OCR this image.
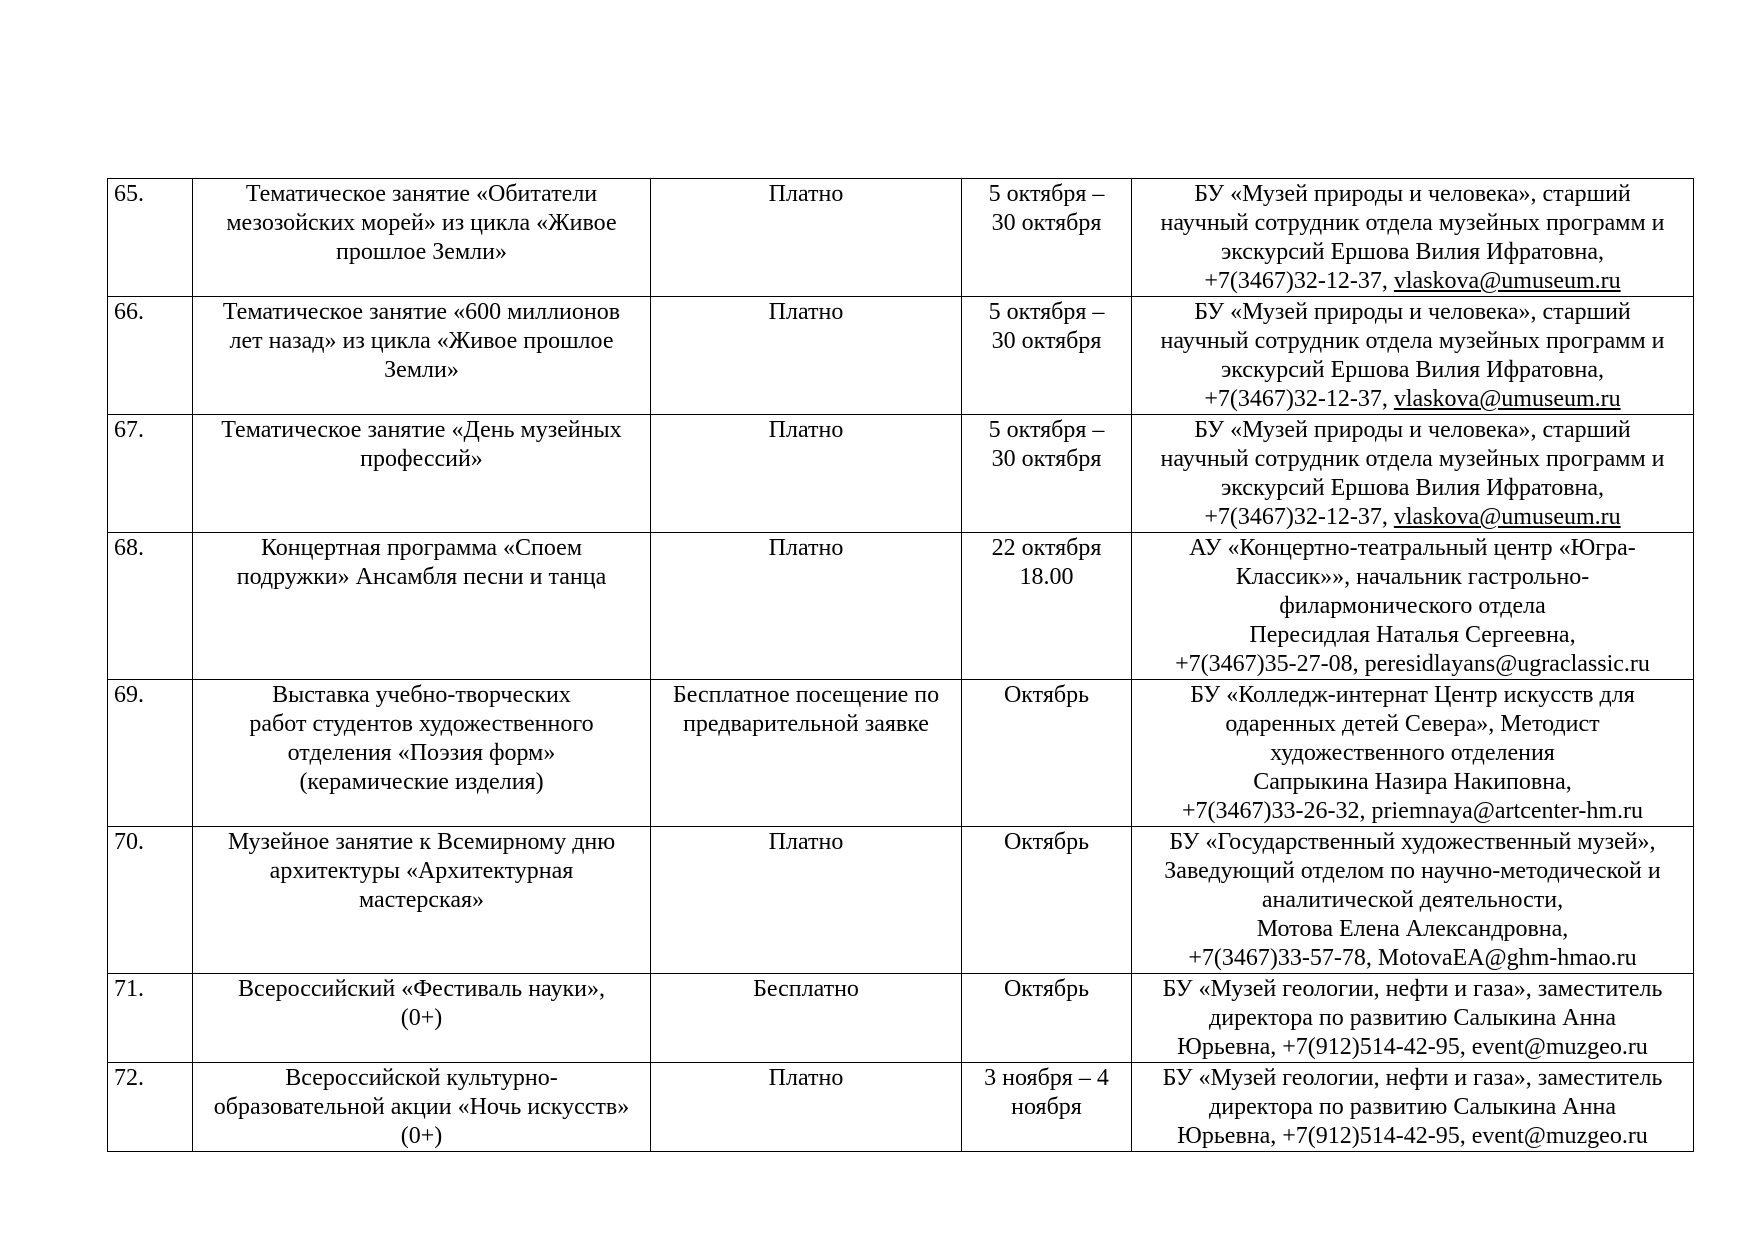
65.	Тематическое занятие «Обитатели
мезозойских морей» из цикла «Живое
прошлое Земли»	Платно	5 октября –
30 октября	БУ «Музей природы и человека», старший
научный сотрудник отдела музейных программ и
экскурсий Ершова Вилия Ифратовна,
+7(3467)32-12-37, vlaskova@umuseum.ru

66.	Тематическое занятие «600 миллионов
лет назад» из цикла «Живое прошлое
Земли»	Платно	5 октября –
30 октября	БУ «Музей природы и человека», старший
научный сотрудник отдела музейных программ и
экскурсий Ершова Вилия Ифратовна,
+7(3467)32-12-37, vlaskova@umuseum.ru

67.	Тематическое занятие «День музейных
профессий»	Платно	5 октября –
30 октября	БУ «Музей природы и человека», старший
научный сотрудник отдела музейных программ и
экскурсий Ершова Вилия Ифратовна,
+7(3467)32-12-37, vlaskova@umuseum.ru

68.	Концертная программа «Споем
подружки» Ансамбля песни и танца	Платно	22 октября
18.00	АУ «Концертно-театральный центр «Югра-
Классик»», начальник гастрольно-
филармонического отдела
Пересидлая Наталья Сергеевна,
+7(3467)35-27-08, peresidlayans@ugraclassic.ru

69.	Выставка учебно-творческих
работ студентов художественного
отделения «Поэзия форм»
(керамические изделия)	Бесплатное посещение по
предварительной заявке	Октябрь	БУ «Колледж-интернат Центр искусств для
одаренных детей Севера», Методист
художественного отделения
Сапрыкина Назира Накиповна,
+7(3467)33-26-32, priemnaya@artcenter-hm.ru

70.	Музейное занятие к Всемирному дню
архитектуры «Архитектурная
мастерская»	Платно	Октябрь	БУ «Государственный художественный музей»,
Заведующий отделом по научно-методической и
аналитической деятельности,
Мотова Елена Александровна,
+7(3467)33-57-78, MotovaEA@ghm-hmao.ru

71.	Всероссийский «Фестиваль науки»,
(0+)	Бесплатно	Октябрь	БУ «Музей геологии, нефти и газа», заместитель
директора по развитию Салыкина Анна
Юрьевна, +7(912)514-42-95, event@muzgeo.ru

72.	Всероссийской культурно-
образовательной акции «Ночь искусств»
(0+)	Платно	3 ноября – 4
ноября	БУ «Музей геологии, нефти и газа», заместитель
директора по развитию Салыкина Анна
Юрьевна, +7(912)514-42-95, event@muzgeo.ru
